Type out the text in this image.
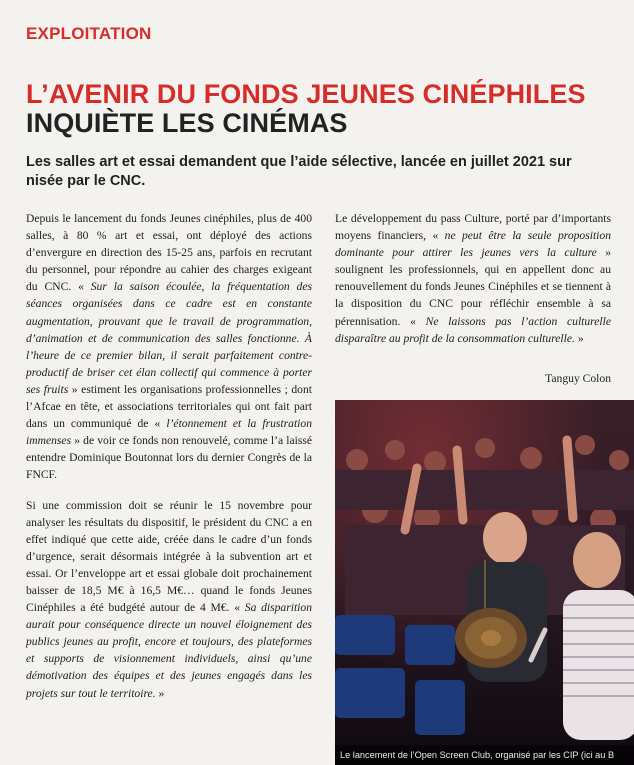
EXPLOITATION
L’AVENIR DU FONDS JEUNES CINÉPHILES
INQUIÈTE LES CINÉMAS
Les salles art et essai demandent que l’aide sélective, lancée en juillet 2021 sur
nisée par le CNC.

Depuis le lancement du fonds Jeunes cinéphiles, plus de 400 salles, à 80 % art et essai, ont déployé des actions d’envergure en direction des 15-25 ans, parfois en recrutant du personnel, pour répondre au cahier des charges exigeant du CNC. « Sur la saison écoulée, la fréquentation des séances organisées dans ce cadre est en constante augmentation, prouvant que le travail de programmation, d’animation et de communication des salles fonctionne. À l’heure de ce premier bilan, il serait parfaitement contre-productif de briser cet élan collectif qui commence à porter ses fruits » estiment les organisations professionnelles ; dont l’Afcae en tête, et associations territoriales qui ont fait part dans un communiqué de « l’étonnement et la frustration immenses » de voir ce fonds non renouvelé, comme l’a laissé entendre Dominique Boutonnat lors du dernier Congrès de la FNCF.

Si une commission doit se réunir le 15 novembre pour analyser les résultats du dispositif, le président du CNC a en effet indiqué que cette aide, créée dans le cadre d’un fonds d’urgence, serait désormais intégrée à la subvention art et essai. Or l’enveloppe art et essai globale doit prochainement baisser de 18,5 M€ à 16,5 M€… quand le fonds Jeunes Cinéphiles a été budgété autour de 4 M€. « Sa disparition aurait pour conséquence directe un nouvel éloignement des publics jeunes au profit, encore et toujours, des plateformes et supports de visionnement individuels, ainsi qu’une démotivation des équipes et des jeunes engagés dans les projets sur tout le territoire. »

Le développement du pass Culture, porté par d’importants moyens financiers, « ne peut être la seule proposition dominante pour attirer les jeunes vers la culture » soulignent les professionnels, qui en appellent donc au renouvellement du fonds Jeunes Cinéphiles et se tiennent à la disposition du CNC pour réfléchir ensemble à sa pérennisation. « Ne laissons pas l’action culturelle disparaître au profit de la consommation culturelle. »

Tanguy Colon
Le lancement de l’Open Screen Club, organisé par les CIP (ici au B
